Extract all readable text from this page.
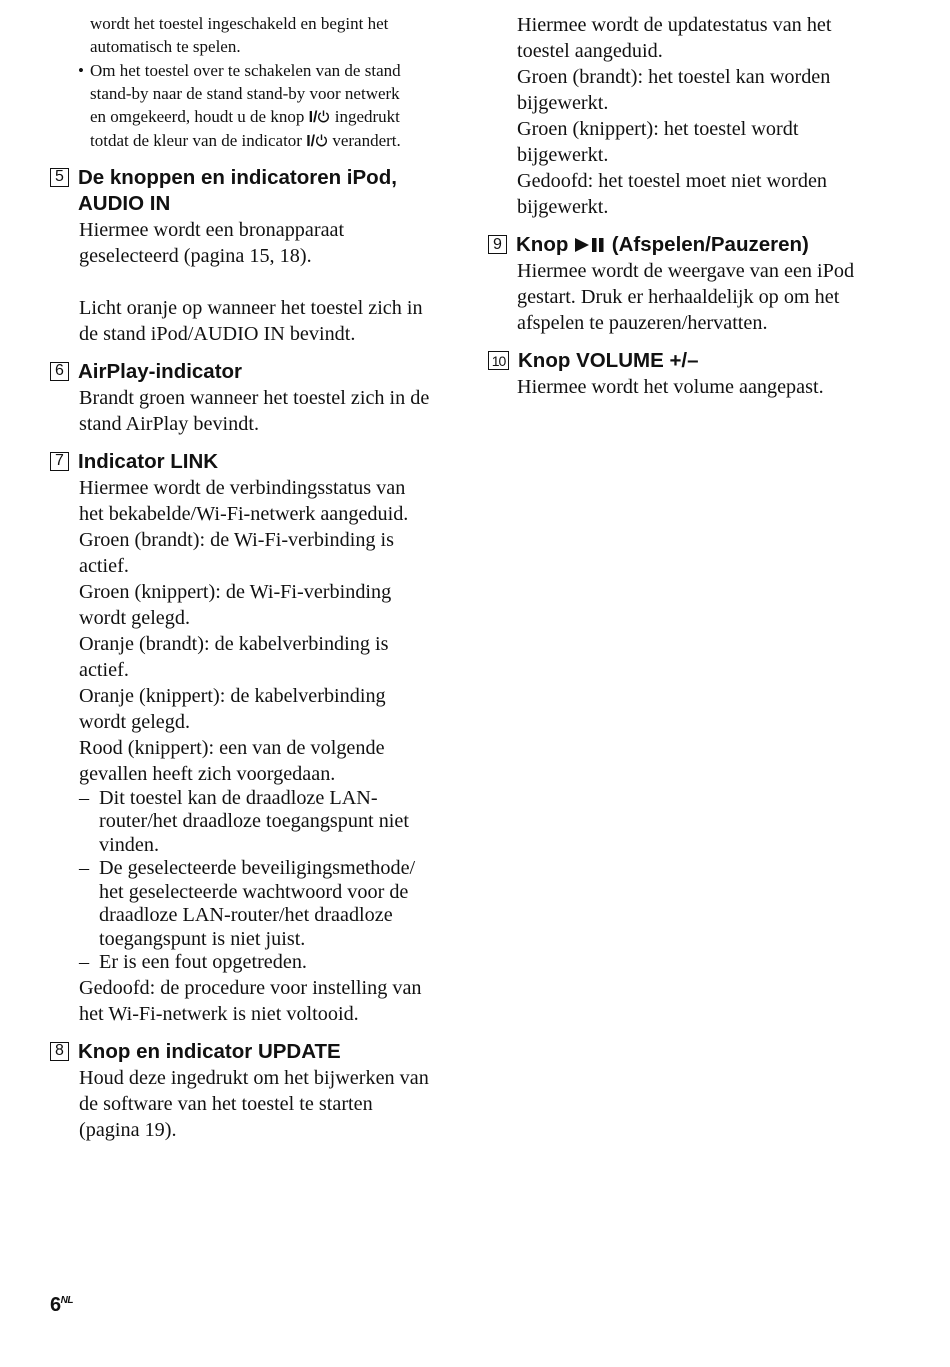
wordt het toestel ingeschakeld en begint het
automatisch te spelen.
• Om het toestel over te schakelen van de stand
stand-by naar de stand stand-by voor netwerk
en omgekeerd, houdt u de knop I/ ingedrukt
totdat de kleur van de indicator I/ verandert.
5 De knoppen en indicatoren iPod,
AUDIO IN
Hiermee wordt een bronapparaat
geselecteerd (pagina 15, 18).
Licht oranje op wanneer het toestel zich in
de stand iPod/AUDIO IN bevindt.
6 AirPlay-indicator
Brandt groen wanneer het toestel zich in de
stand AirPlay bevindt.
7 Indicator LINK
Hiermee wordt de verbindingsstatus van
het bekabelde/Wi-Fi-netwerk aangeduid.
Groen (brandt): de Wi-Fi-verbinding is
actief.
Groen (knippert): de Wi-Fi-verbinding
wordt gelegd.
Oranje (brandt): de kabelverbinding is
actief.
Oranje (knippert): de kabelverbinding
wordt gelegd.
Rood (knippert): een van de volgende
gevallen heeft zich voorgedaan.
– Dit toestel kan de draadloze LAN-
router/het draadloze toegangspunt niet
vinden.
– De geselecteerde beveiligingsmethode/
het geselecteerde wachtwoord voor de
draadloze LAN-router/het draadloze
toegangspunt is niet juist.
– Er is een fout opgetreden.
Gedoofd: de procedure voor instelling van
het Wi-Fi-netwerk is niet voltooid.
8 Knop en indicator UPDATE
Houd deze ingedrukt om het bijwerken van
de software van het toestel te starten
(pagina 19).
Hiermee wordt de updatestatus van het
toestel aangeduid.
Groen (brandt): het toestel kan worden
bijgewerkt.
Groen (knippert): het toestel wordt
bijgewerkt.
Gedoofd: het toestel moet niet worden
bijgewerkt.
9 Knop (Afspelen/Pauzeren)
Hiermee wordt de weergave van een iPod
gestart. Druk er herhaaldelijk op om het
afspelen te pauzeren/hervatten.
10 Knop VOLUME +/–
Hiermee wordt het volume aangepast.
$6^{NL}$
